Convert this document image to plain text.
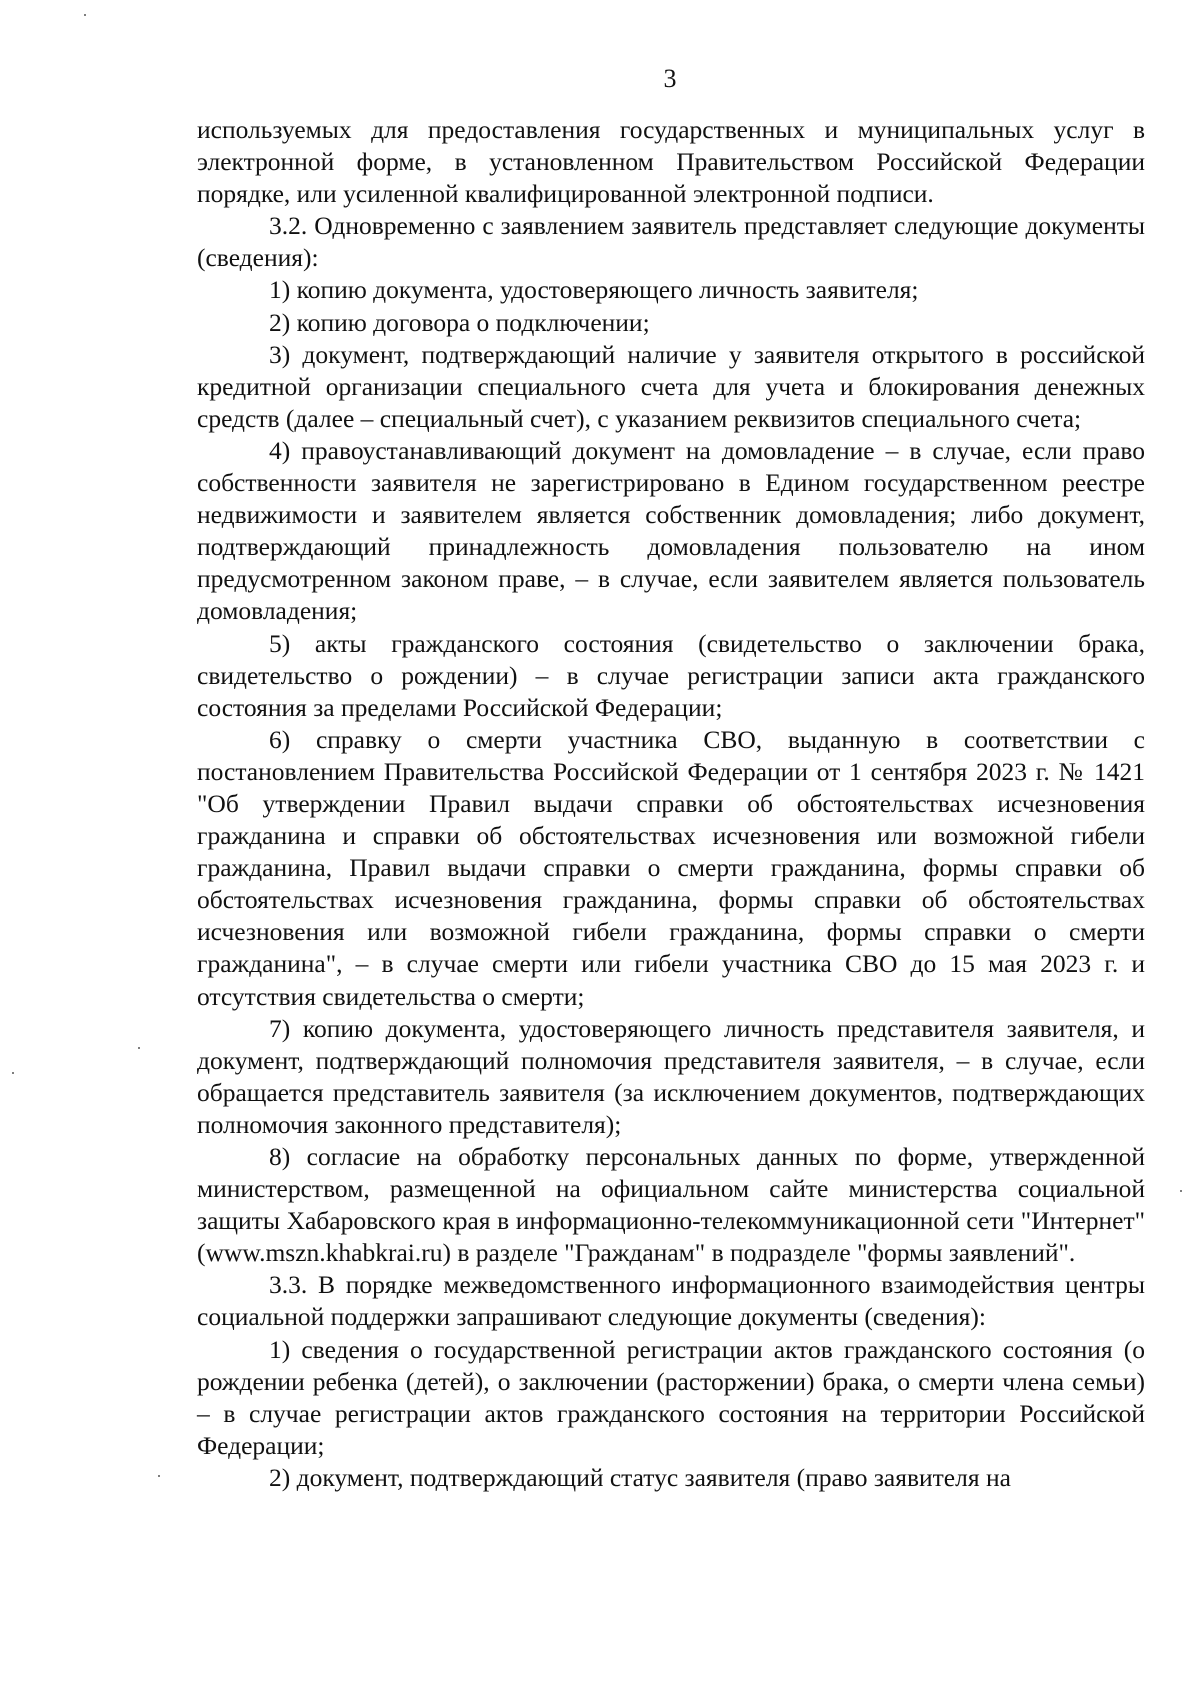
3

используемых для предоставления государственных и муниципальных услуг в электронной форме, в установленном Правительством Российской Федерации порядке, или усиленной квалифицированной электронной подписи.

3.2. Одновременно с заявлением заявитель представляет следующие документы (сведения):

1) копию документа, удостоверяющего личность заявителя;

2) копию договора о подключении;

3) документ, подтверждающий наличие у заявителя открытого в российской кредитной организации специального счета для учета и блокирования денежных средств (далее – специальный счет), с указанием реквизитов специального счета;

4) правоустанавливающий документ на домовладение – в случае, если право собственности заявителя не зарегистрировано в Едином государственном реестре недвижимости и заявителем является собственник домовладения; либо документ, подтверждающий принадлежность домовладения пользователю на ином предусмотренном законом праве, – в случае, если заявителем является пользователь домовладения;

5) акты гражданского состояния (свидетельство о заключении брака, свидетельство о рождении) – в случае регистрации записи акта гражданского состояния за пределами Российской Федерации;

6) справку о смерти участника СВО, выданную в соответствии с постановлением Правительства Российской Федерации от 1 сентября 2023 г. № 1421 "Об утверждении Правил выдачи справки об обстоятельствах исчезновения гражданина и справки об обстоятельствах исчезновения или возможной гибели гражданина, Правил выдачи справки о смерти гражданина, формы справки об обстоятельствах исчезновения гражданина, формы справки об обстоятельствах исчезновения или возможной гибели гражданина, формы справки о смерти гражданина", – в случае смерти или гибели участника СВО до 15 мая 2023 г. и отсутствия свидетельства о смерти;

7) копию документа, удостоверяющего личность представителя заявителя, и документ, подтверждающий полномочия представителя заявителя, – в случае, если обращается представитель заявителя (за исключением документов, подтверждающих полномочия законного представителя);

8) согласие на обработку персональных данных по форме, утвержденной министерством, размещенной на официальном сайте министерства социальной защиты Хабаровского края в информационно-телекоммуникационной сети "Интернет" (www.mszn.khabkrai.ru) в разделе "Гражданам" в подразделе "формы заявлений".

3.3. В порядке межведомственного информационного взаимодействия центры социальной поддержки запрашивают следующие документы (сведения):

1) сведения о государственной регистрации актов гражданского состояния (о рождении ребенка (детей), о заключении (расторжении) брака, о смерти члена семьи) – в случае регистрации актов гражданского состояния на территории Российской Федерации;

2) документ, подтверждающий статус заявителя (право заявителя на
